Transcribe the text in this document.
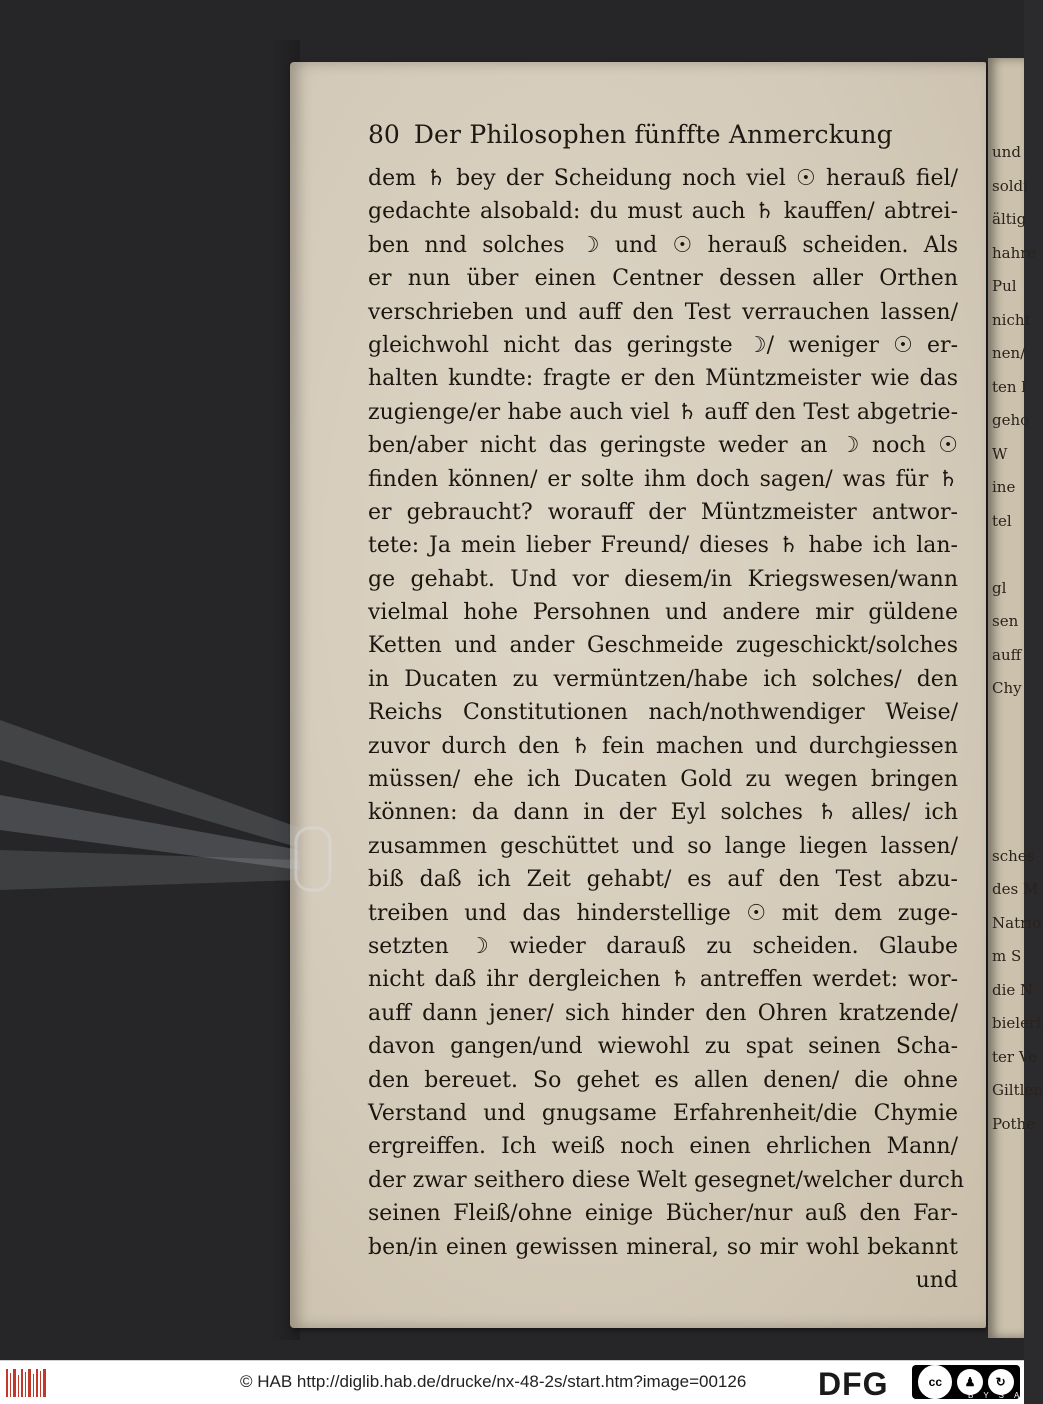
und
soldi
ältig
hahre
Pul
nicht
nen/
ten l
geho
W
ine
tel
gl
sen
auff
Chy
sches
des M
Natrio
m S
die N
bielerl
ter Ve
Giltlen
Pothe
80 Der Philosophen fünffte Anmerckung
dem ♄ bey der Scheidung noch viel ☉ herauß fiel/
gedachte alsobald: du must auch ♄ kauffen/ abtrei-
ben nnd solches ☽ und ☉ herauß scheiden. Als
er nun über einen Centner dessen aller Orthen
verschrieben und auff den Test verrauchen lassen/
gleichwohl nicht das geringste ☽/ weniger ☉ er-
halten kundte: fragte er den Müntzmeister wie das
zugienge/er habe auch viel ♄ auff den Test abgetrie-
ben/aber nicht das geringste weder an ☽ noch ☉
finden können/ er solte ihm doch sagen/ was für ♄
er gebraucht? worauff der Müntzmeister antwor-
tete: Ja mein lieber Freund/ dieses ♄ habe ich lan-
ge gehabt. Und vor diesem/in Kriegswesen/wann
vielmal hohe Persohnen und andere mir güldene
Ketten und ander Geschmeide zugeschickt/solches
in Ducaten zu vermüntzen/habe ich solches/ den
Reichs Constitutionen nach/nothwendiger Weise/
zuvor durch den ♄ fein machen und durchgiessen
müssen/ ehe ich Ducaten Gold zu wegen bringen
können: da dann in der Eyl solches ♄ alles/ ich
zusammen geschüttet und so lange liegen lassen/
biß daß ich Zeit gehabt/ es auf den Test abzu-
treiben und das hinderstellige ☉ mit dem zuge-
setzten ☽ wieder darauß zu scheiden. Glaube
nicht daß ihr dergleichen ♄ antreffen werdet: wor-
auff dann jener/ sich hinder den Ohren kratzende/
davon gangen/und wiewohl zu spat seinen Scha-
den bereuet. So gehet es allen denen/ die ohne
Verstand und gnugsame Erfahrenheit/die Chymie
ergreiffen. Ich weiß noch einen ehrlichen Mann/
der zwar seithero diese Welt gesegnet/welcher durch
seinen Fleiß/ohne einige Bücher/nur auß den Far-
ben/in einen gewissen mineral, so mir wohl bekannt
und
© HAB http://diglib.hab.de/drucke/nx-48-2s/start.htm?image=00126 DFG	cc	♟	↻
BYSA
